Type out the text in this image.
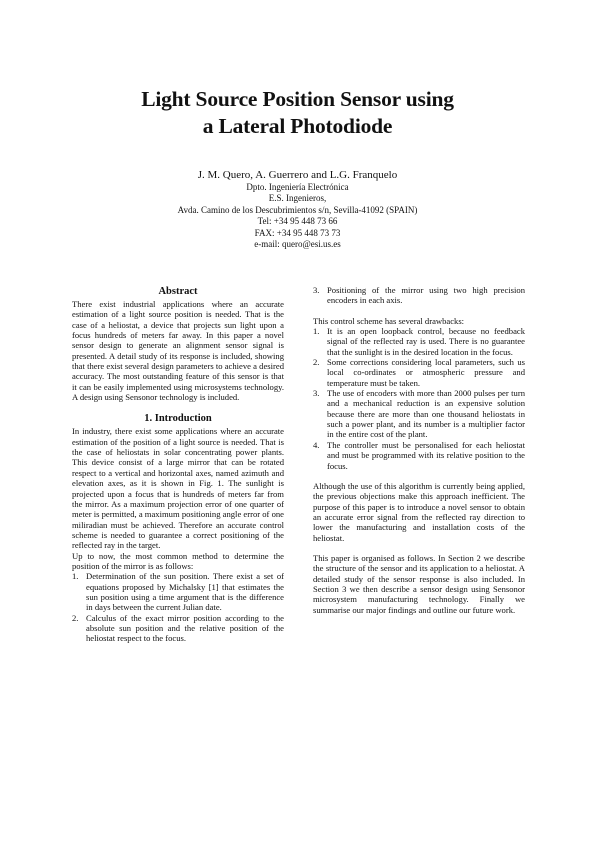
Light Source Position Sensor using
a Lateral Photodiode
J. M. Quero, A. Guerrero and L.G. Franquelo
Dpto. Ingeniería Electrónica
E.S. Ingenieros,
Avda. Camino de los Descubrimientos s/n, Sevilla-41092 (SPAIN)
Tel: +34 95 448 73 66
FAX: +34 95 448 73 73
e-mail: quero@esi.us.es
Abstract

There exist industrial applications where an accurate estimation of a light source position is needed. That is the case of a heliostat, a device that projects sun light upon a focus hundreds of meters far away. In this paper a novel sensor design to generate an alignment sensor signal is presented. A detail study of its response is included, showing that there exist several design parameters to achieve a desired accuracy. The most outstanding feature of this sensor is that it can be easily implemented using microsystems technology. A design using Sensonor technology is included.

1. Introduction

In industry, there exist some applications where an accurate estimation of the position of a light source is needed. That is the case of heliostats in solar concentrating power plants. This device consist of a large mirror that can be rotated respect to a vertical and horizontal axes, named azimuth and elevation axes, as it is shown in Fig. 1. The sunlight is projected upon a focus that is hundreds of meters far from the mirror. As a maximum projection error of one quarter of meter is permitted, a maximum positioning angle error of one miliradian must be achieved. Therefore an accurate control scheme is needed to guarantee a correct positioning of the reflected ray in the target.

Up to now, the most common method to determine the position of the mirror is as follows:

1. Determination of the sun position. There exist a set of equations proposed by Michalsky [1] that estimates the sun position using a time argument that is the difference in days between the current Julian date.
2. Calculus of the exact mirror position according to the absolute sun position and the relative position of the heliostat respect to the focus.
3. Positioning of the mirror using two high precision encoders in each axis.

This control scheme has several drawbacks:

1. It is an open loopback control, because no feedback signal of the reflected ray is used. There is no guarantee that the sunlight is in the desired location in the focus.
2. Some corrections considering local parameters, such us local co-ordinates or atmospheric pressure and temperature must be taken.
3. The use of encoders with more than 2000 pulses per turn and a mechanical reduction is an expensive solution because there are more than one thousand heliostats in such a power plant, and its number is a multiplier factor in the entire cost of the plant.
4. The controller must be personalised for each heliostat and must be programmed with its relative position to the focus.

Although the use of this algorithm is currently being applied, the previous objections make this approach inefficient. The purpose of this paper is to introduce a novel sensor to obtain an accurate error signal from the reflected ray direction to lower the manufacturing and installation costs of the heliostat.

This paper is organised as follows. In Section 2 we describe the structure of the sensor and its application to a heliostat. A detailed study of the sensor response is also included. In Section 3 we then describe a sensor design using Sensonor microsystem manufacturing technology. Finally we summarise our major findings and outline our future work.
